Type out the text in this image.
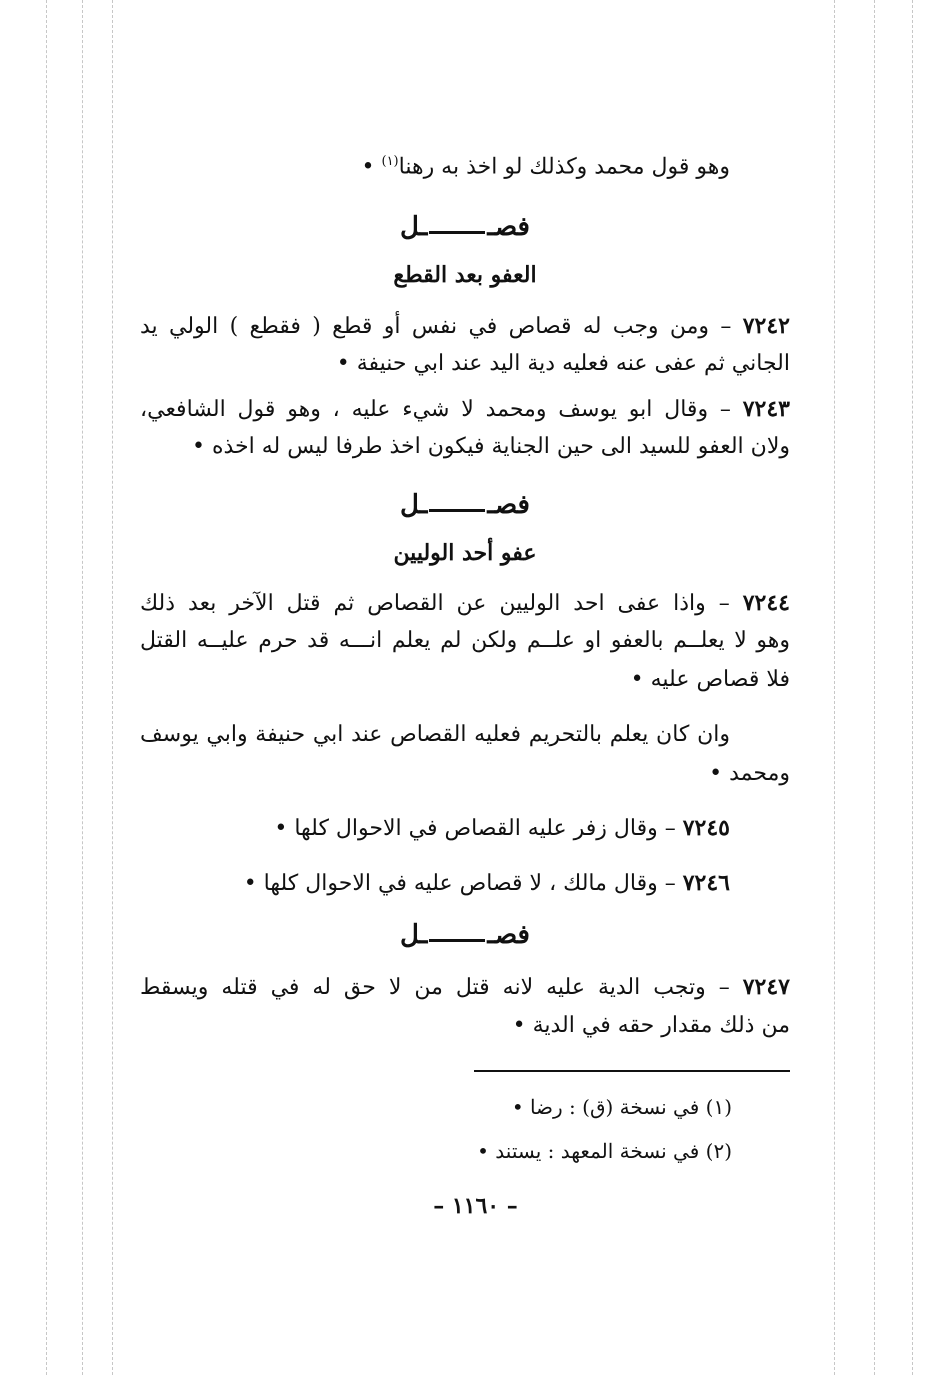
وهو قول محمد وكذلك لو اخذ به رهنا$^{(١)}$ •
فصــل
العفو بعد القطع
٧٢٤٢ – ومن وجب له قصاص في نفس أو قطع ( فقطع ) الولي يد
الجاني ثم عفى عنه فعليه دية اليد عند ابي حنيفة •
٧٢٤٣ – وقال ابو يوسف ومحمد لا شيء عليه ، وهو قول الشافعي،
ولان العفو للسيد الى حين الجناية فيكون اخذ طرفا ليس له اخذه •
فصــل
عفو أحد الوليين
٧٢٤٤ – واذا عفى احد الوليين عن القصاص ثم قتل الآخر بعد ذلك
وهو لا يعلــم بالعفو او علــم ولكن لم يعلم انـــه قد حرم عليــه القتل
فلا قصاص عليه •
وان كان يعلم بالتحريم فعليه القصاص عند ابي حنيفة وابي يوسف
ومحمد •
٧٢٤٥ – وقال زفر عليه القصاص في الاحوال كلها •
٧٢٤٦ – وقال مالك ، لا قصاص عليه في الاحوال كلها •
فصــل
٧٢٤٧ – وتجب الدية عليه لانه قتل من لا حق له في قتله ويسقط
من ذلك مقدار حقه في الدية •
(١) في نسخة (ق) : رضا •
(٢) في نسخة المعهد : يستند •
– ١١٦٠ –
